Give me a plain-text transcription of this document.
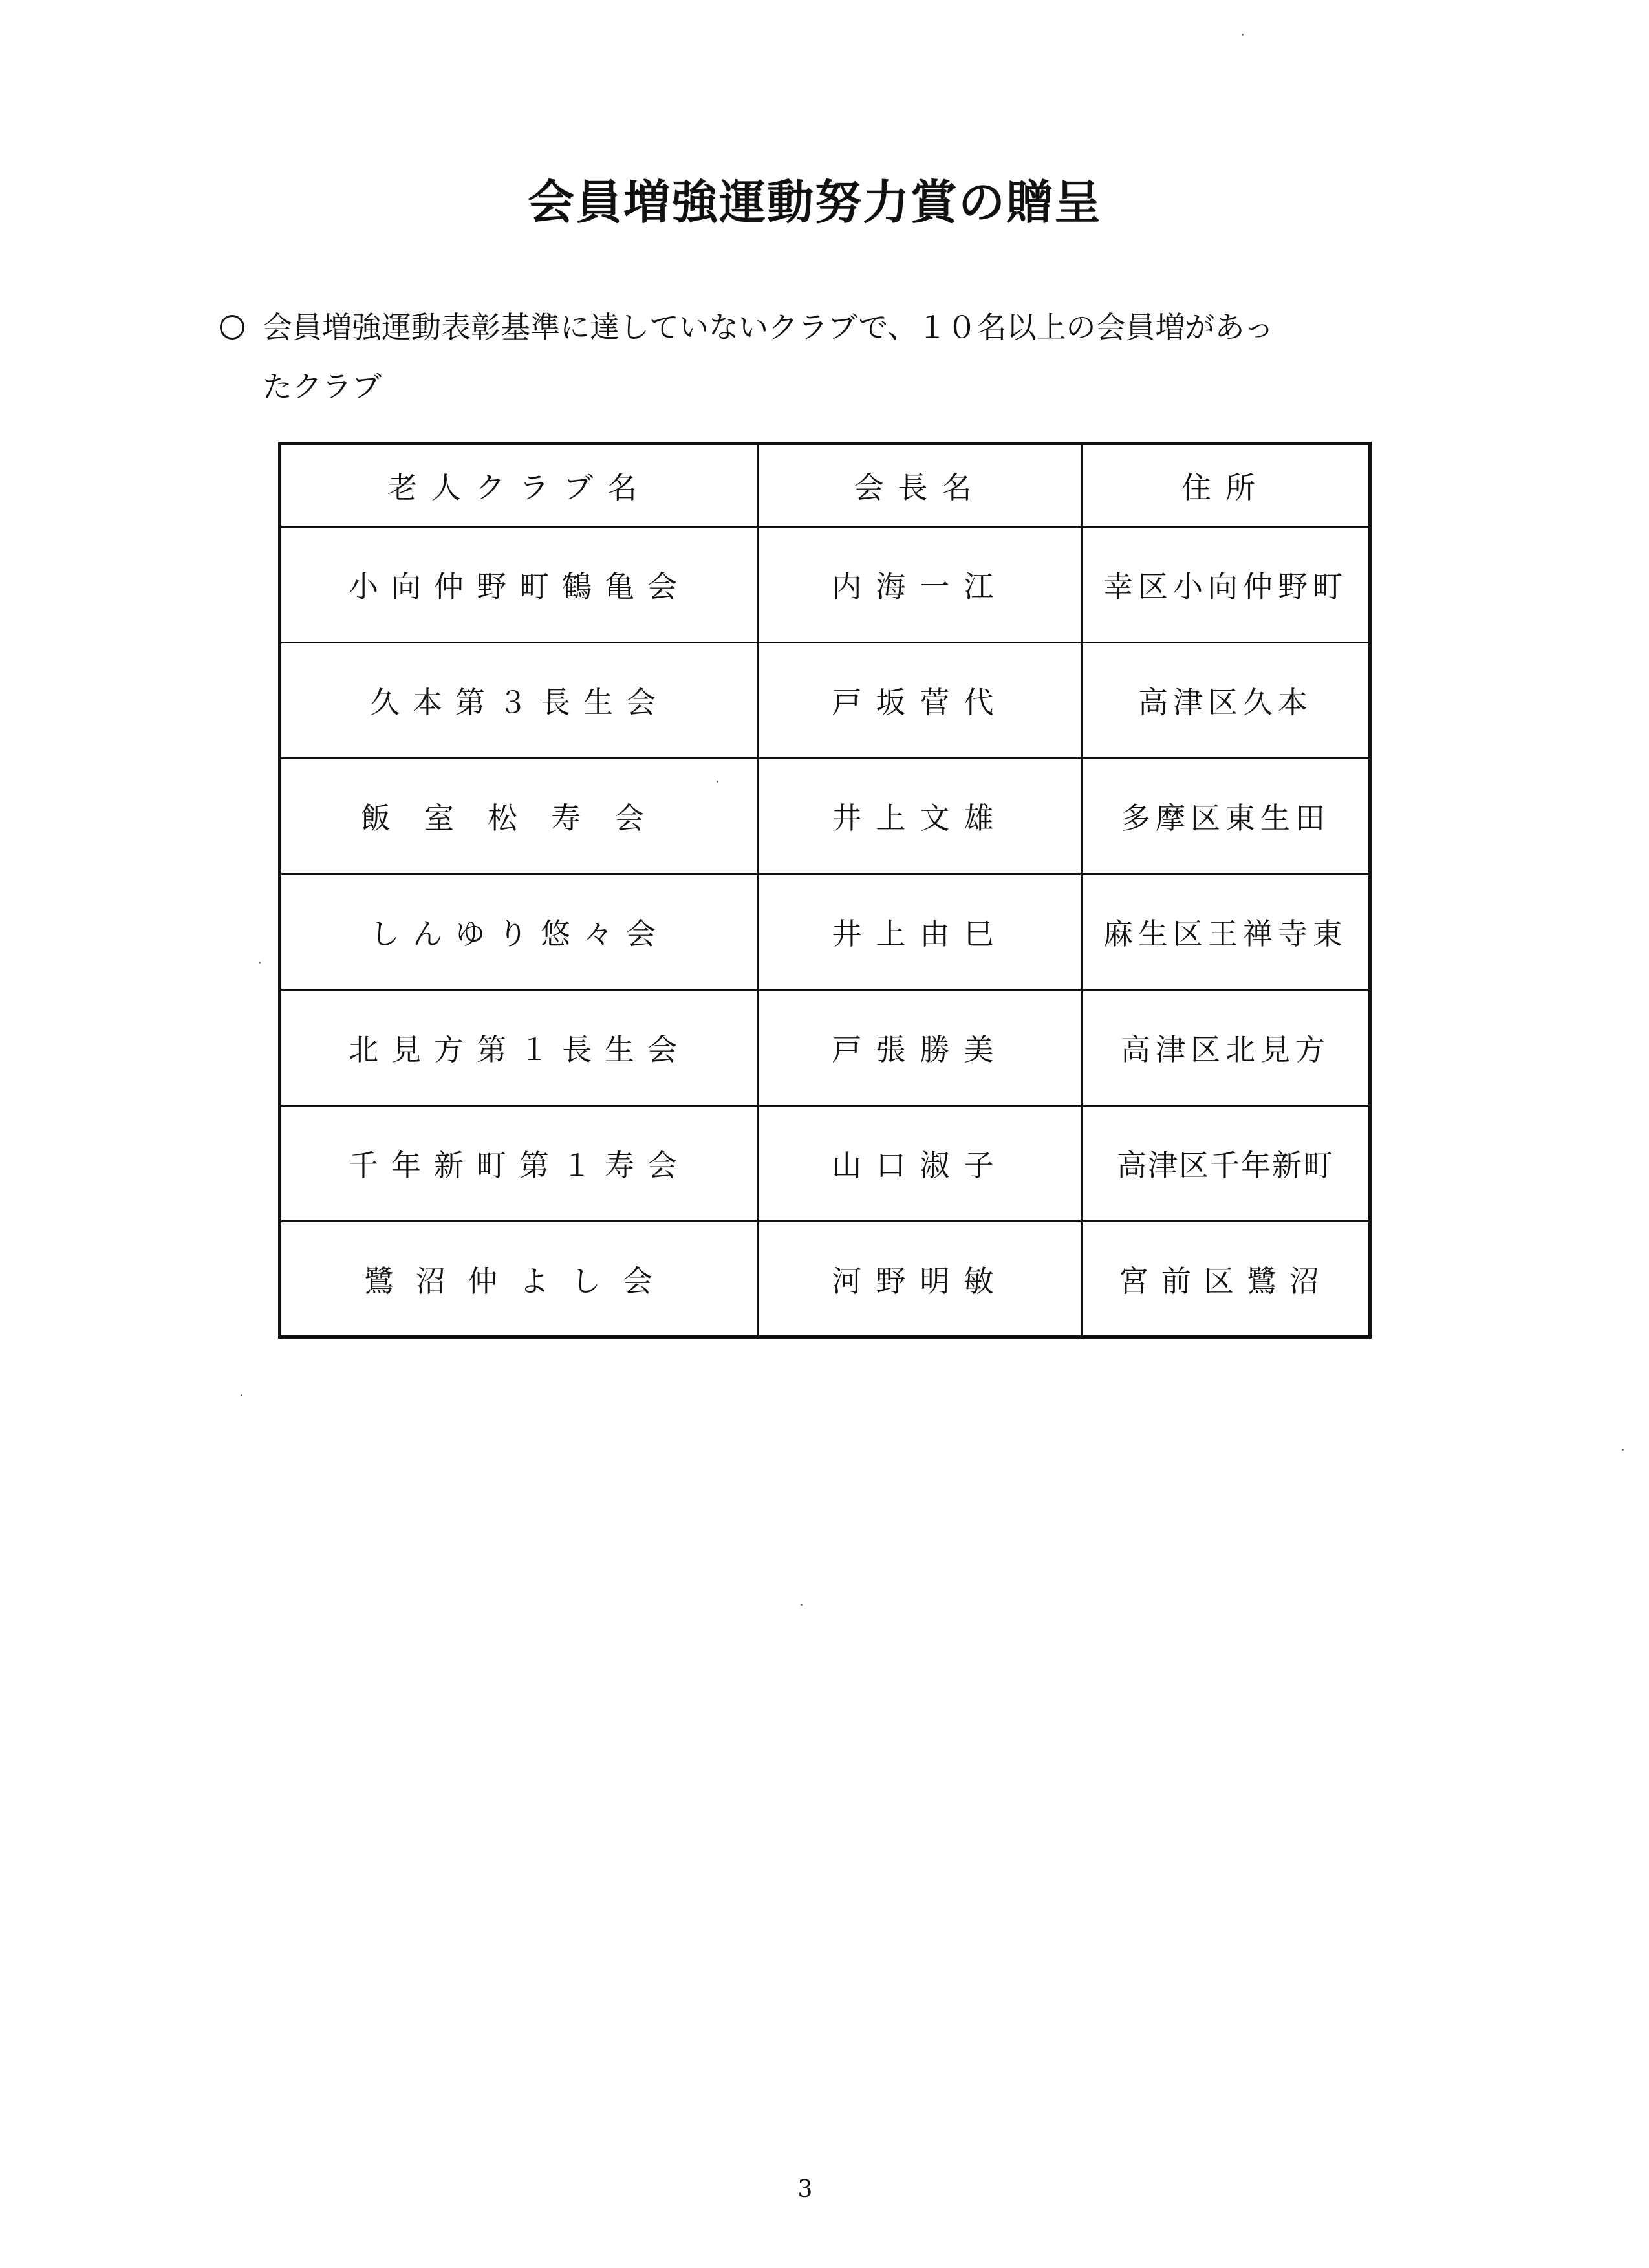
会員増強運動努力賞の贈呈
会員増強運動表彰基準に達していないクラブで、１０名以上の会員増があっ
たクラブ
老人クラブ名	会長名	住所
小向仲野町鶴亀会	内海一江	幸区小向仲野町
久本第３長生会	戸坂菅代	高津区久本
飯室松寿会	井上文雄	多摩区東生田
しんゆり悠々会	井上由巳	麻生区王禅寺東
北見方第１長生会	戸張勝美	高津区北見方
千年新町第１寿会	山口淑子	高津区千年新町
鷺沼仲よし会	河野明敏	宮前区鷺沼
3
